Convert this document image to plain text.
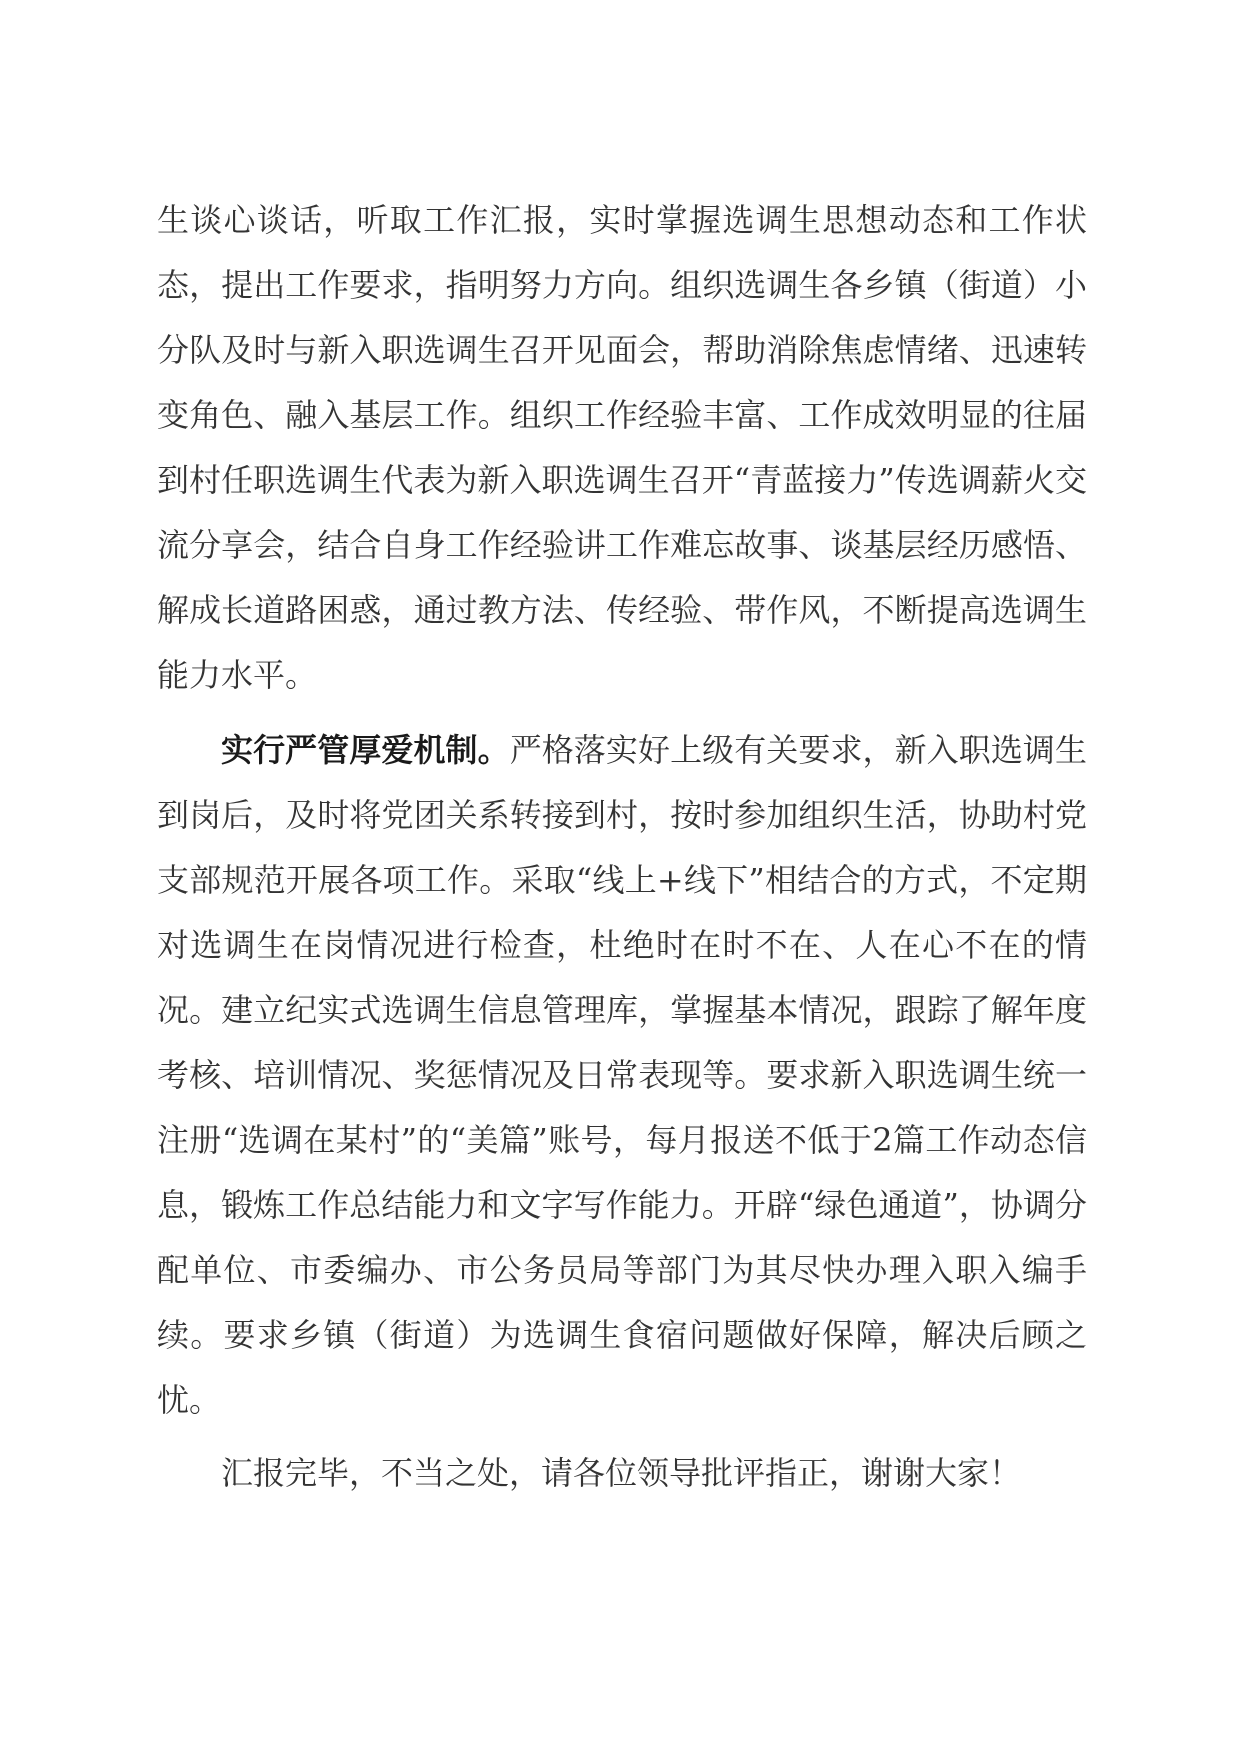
生谈心谈话，听取工作汇报，实时掌握选调生思想动态和工作状态，提出工作要求，指明努力方向。组织选调生各乡镇（街道）小分队及时与新入职选调生召开见面会，帮助消除焦虑情绪、迅速转变角色、融入基层工作。组织工作经验丰富、工作成效明显的往届到村任职选调生代表为新入职选调生召开“青蓝接力”传选调薪火交流分享会，结合自身工作经验讲工作难忘故事、谈基层经历感悟、解成长道路困惑，通过教方法、传经验、带作风，不断提高选调生能力水平。

实行严管厚爱机制。严格落实好上级有关要求，新入职选调生到岗后，及时将党团关系转接到村，按时参加组织生活，协助村党支部规范开展各项工作。采取“线上+线下”相结合的方式，不定期对选调生在岗情况进行检查，杜绝时在时不在、人在心不在的情况。建立纪实式选调生信息管理库，掌握基本情况，跟踪了解年度考核、培训情况、奖惩情况及日常表现等。要求新入职选调生统一注册“选调在某村”的“美篇”账号，每月报送不低于2篇工作动态信息，锻炼工作总结能力和文字写作能力。开辟“绿色通道”，协调分配单位、市委编办、市公务员局等部门为其尽快办理入职入编手续。要求乡镇（街道）为选调生食宿问题做好保障，解决后顾之忧。

汇报完毕，不当之处，请各位领导批评指正，谢谢大家！
